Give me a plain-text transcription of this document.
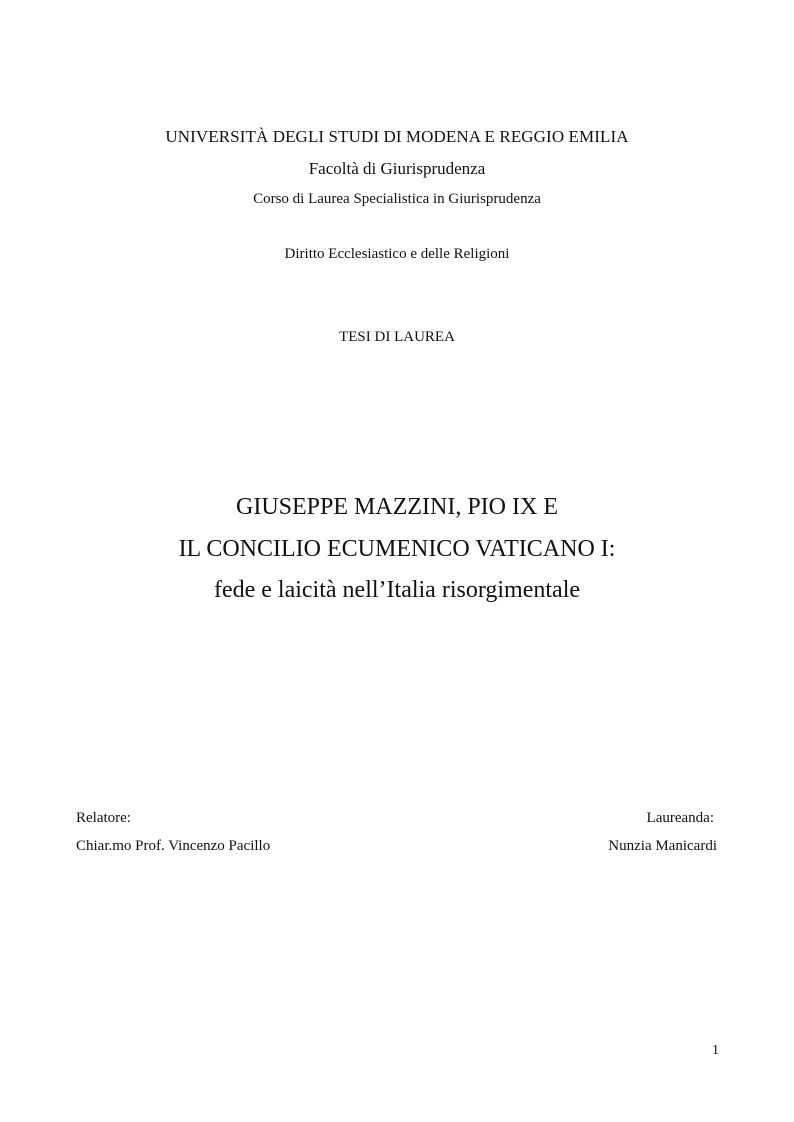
UNIVERSITÀ DEGLI STUDI DI MODENA E REGGIO EMILIA
Facoltà di Giurisprudenza
Corso di Laurea Specialistica in Giurisprudenza
Diritto Ecclesiastico e delle Religioni
TESI DI LAUREA
GIUSEPPE MAZZINI, PIO IX E
IL CONCILIO ECUMENICO VATICANO I:
fede e laicità nell’Italia risorgimentale
Relatore:
Chiar.mo Prof. Vincenzo Pacillo
Laureanda:
Nunzia Manicardi
1
